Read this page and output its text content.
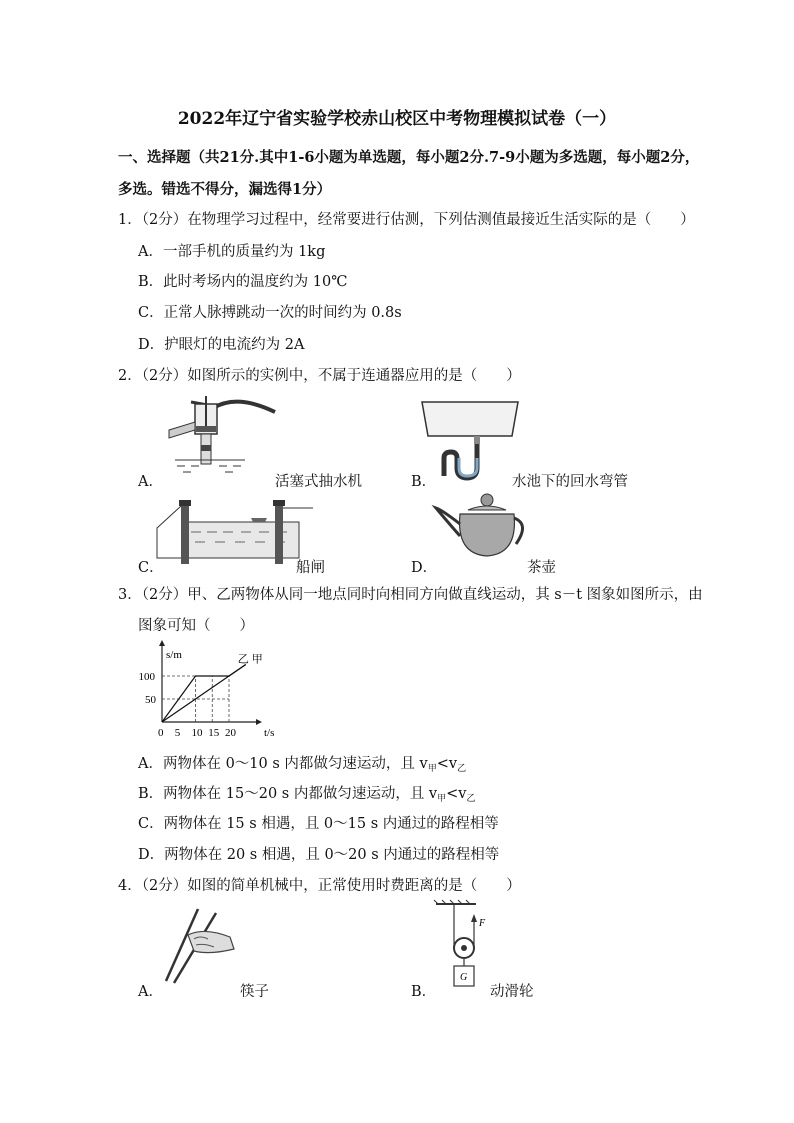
2022年辽宁省实验学校赤山校区中考物理模拟试卷（一）
一、选择题（共21分.其中1-6小题为单选题，每小题2分.7-9小题为多选题，每小题2分，
多选。错选不得分，漏选得1分）
1．（2分）在物理学习过程中，经常要进行估测，下列估测值最接近生活实际的是（　　）
A．一部手机的质量约为 1kg
B．此时考场内的温度约为 10℃
C．正常人脉搏跳动一次的时间约为 0.8s
D．护眼灯的电流约为 2A
2．（2分）如图所示的实例中，不属于连通器应用的是（　　）
A．	活塞式抽水机	B．	水池下的回水弯管
C．	船闸	D．	茶壶
3．（2分）甲、乙两物体从同一地点同时向相同方向做直线运动，其 s－t 图象如图所示，由
图象可知（　　）
s/m
t/s
0 5 10 15 20
50
100
甲
乙
A．两物体在 0～10 s 内都做匀速运动，且 $v_甲<v_乙$
B．两物体在 15～20 s 内都做匀速运动，且 $v_甲<v_乙$
C．两物体在 15 s 相遇，且 0～15 s 内通过的路程相等
D．两物体在 20 s 相遇，且 0～20 s 内通过的路程相等
4．（2分）如图的简单机械中，正常使用时费距离的是（　　）
A．	筷子
F
G
B．	动滑轮
